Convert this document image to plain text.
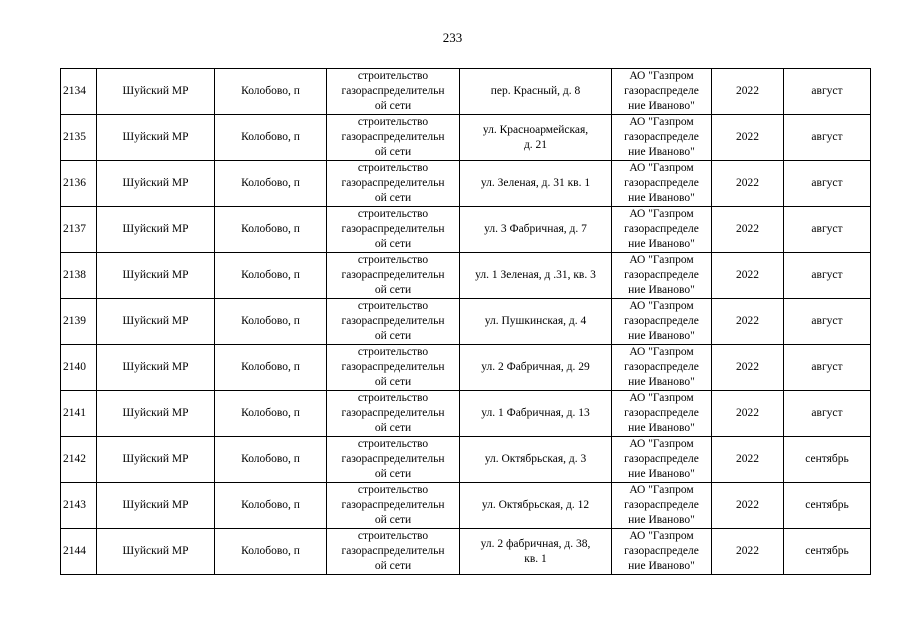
233
2134	Шуйский МР	Колобово, п	строительство
газораспределительн
ой сети	пер. Красный, д. 8	АО "Газпром
газораспределе
ние Иваново"	2022	август
2135	Шуйский МР	Колобово, п	строительство
газораспределительн
ой сети	ул. Красноармейская,
д. 21	АО "Газпром
газораспределе
ние Иваново"	2022	август
2136	Шуйский МР	Колобово, п	строительство
газораспределительн
ой сети	ул. Зеленая, д. 31 кв. 1	АО "Газпром
газораспределе
ние Иваново"	2022	август
2137	Шуйский МР	Колобово, п	строительство
газораспределительн
ой сети	ул. 3 Фабричная, д. 7	АО "Газпром
газораспределе
ние Иваново"	2022	август
2138	Шуйский МР	Колобово, п	строительство
газораспределительн
ой сети	ул. 1 Зеленая, д .31, кв. 3	АО "Газпром
газораспределе
ние Иваново"	2022	август
2139	Шуйский МР	Колобово, п	строительство
газораспределительн
ой сети	ул. Пушкинская, д. 4	АО "Газпром
газораспределе
ние Иваново"	2022	август
2140	Шуйский МР	Колобово, п	строительство
газораспределительн
ой сети	ул. 2 Фабричная, д. 29	АО "Газпром
газораспределе
ние Иваново"	2022	август
2141	Шуйский МР	Колобово, п	строительство
газораспределительн
ой сети	ул. 1 Фабричная, д. 13	АО "Газпром
газораспределе
ние Иваново"	2022	август
2142	Шуйский МР	Колобово, п	строительство
газораспределительн
ой сети	ул. Октябрьская, д. 3	АО "Газпром
газораспределе
ние Иваново"	2022	сентябрь
2143	Шуйский МР	Колобово, п	строительство
газораспределительн
ой сети	ул. Октябрьская, д. 12	АО "Газпром
газораспределе
ние Иваново"	2022	сентябрь
2144	Шуйский МР	Колобово, п	строительство
газораспределительн
ой сети	ул. 2 фабричная, д. 38,
кв. 1	АО "Газпром
газораспределе
ние Иваново"	2022	сентябрь
